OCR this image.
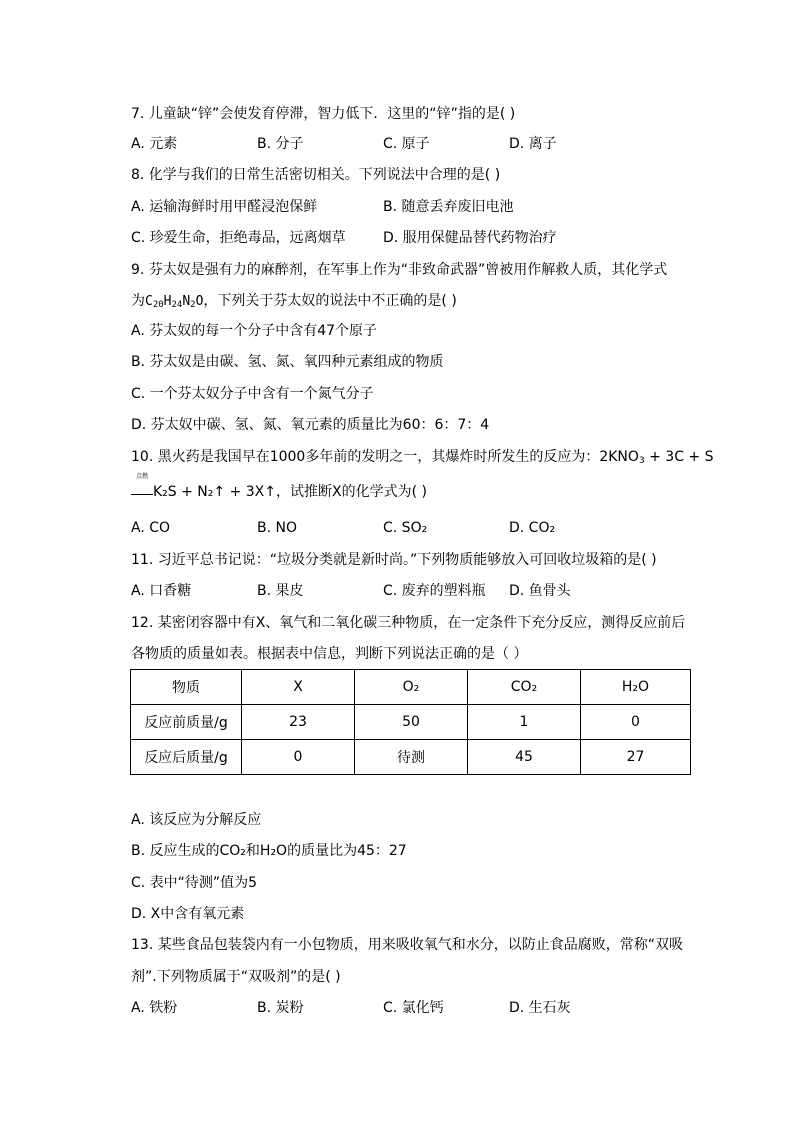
7. 儿童缺“锌”会使发育停滞，智力低下．这里的“锌”指的是( )
A. 元素	B. 分子	C. 原子	D. 离子
8. 化学与我们的日常生活密切相关。下列说法中合理的是( )
A. 运输海鲜时用甲醛浸泡保鲜	B. 随意丢弃废旧电池
C. 珍爱生命，拒绝毒品，远离烟草	D. 服用保健品替代药物治疗
9. 芬太奴是强有力的麻醉剂，在军事上作为“非致命武器”曾被用作解救人质，其化学式
为$C_{20}H_{24}N_2O$，下列关于芬太奴的说法中不正确的是( )
A. 芬太奴的每一个分子中含有47个原子
B. 芬太奴是由碳、氢、氮、氧四种元素组成的物质
C. 一个芬太奴分子中含有一个氮气分子
D. 芬太奴中碳、氢、氮、氧元素的质量比为60：6：7：4
10. 黑火药是我国早在1000多年前的发明之一，其爆炸时所发生的反应为：$2KNO_3 + 3C + S$
点燃
K₂S + N₂↑ + 3X↑，试推断X的化学式为( )
A. CO	B. NO	C. SO₂	D. CO₂
11. 习近平总书记说：“垃圾分类就是新时尚。”下列物质能够放入可回收垃圾箱的是( )
A. 口香糖	B. 果皮	C. 废弃的塑料瓶 D. 鱼骨头
12. 某密闭容器中有X、氧气和二氧化碳三种物质，在一定条件下充分反应，测得反应前后
各物质的质量如表。根据表中信息，判断下列说法正确的是（ ）
物质	X	O₂	CO₂	H₂O
反应前质量/g	23	50	1	0
反应后质量/g	0	待测	45	27
A. 该反应为分解反应
B. 反应生成的CO₂和H₂O的质量比为45：27
C. 表中“待测”值为5
D. X中含有氧元素
13. 某些食品包装袋内有一小包物质，用来吸收氧气和水分，以防止食品腐败，常称“双吸
剂”.下列物质属于“双吸剂”的是( )
A. 铁粉	B. 炭粉	C. 氯化钙	D. 生石灰
